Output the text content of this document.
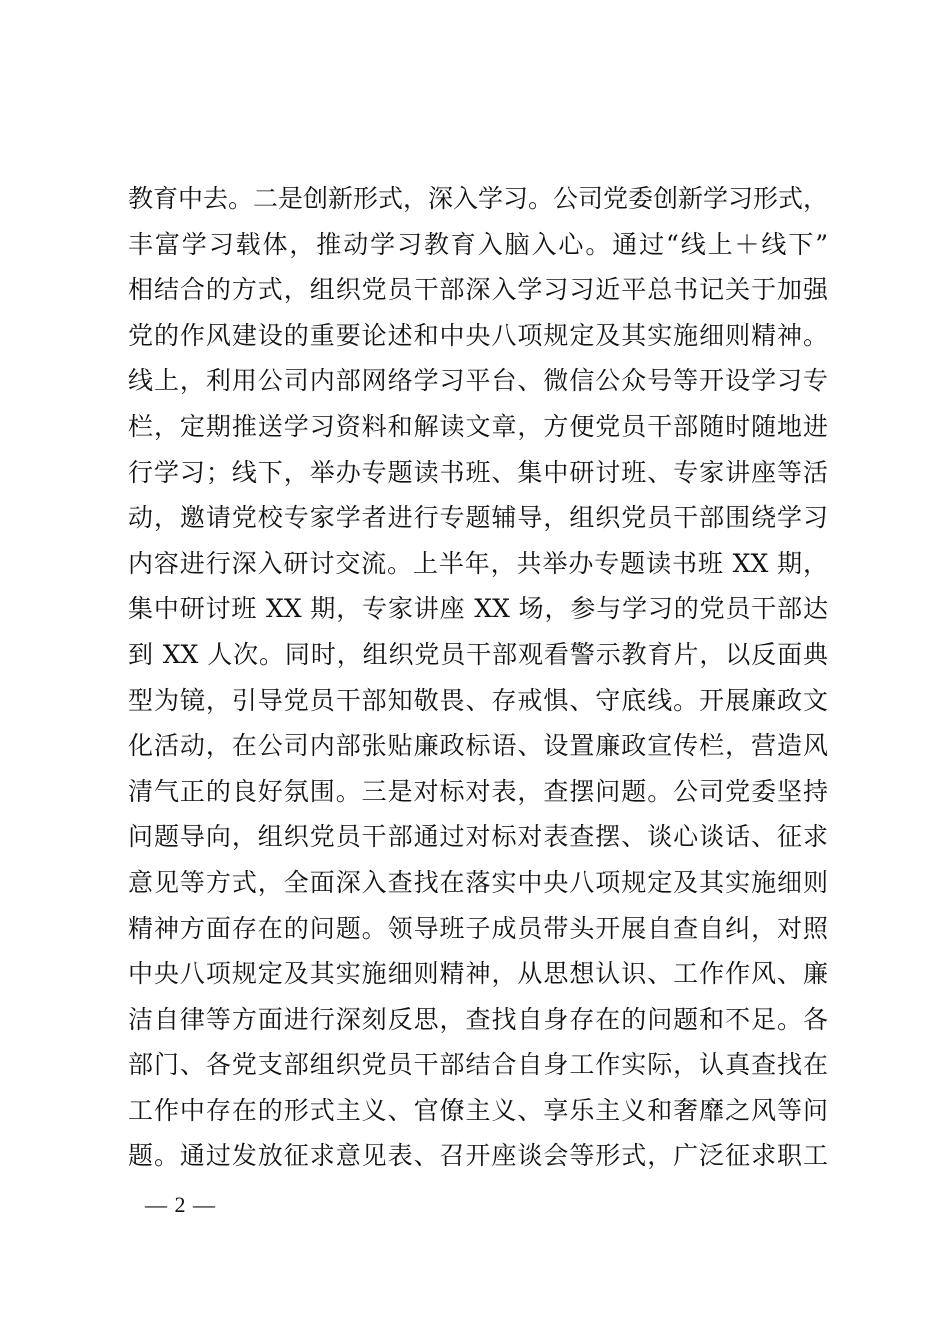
教育中去。二是创新形式，深入学习。公司党委创新学习形式，
丰富学习载体，推动学习教育入脑入心。通过“线上＋线下”
相结合的方式，组织党员干部深入学习习近平总书记关于加强
党的作风建设的重要论述和中央八项规定及其实施细则精神。
线上，利用公司内部网络学习平台、微信公众号等开设学习专
栏，定期推送学习资料和解读文章，方便党员干部随时随地进
行学习；线下，举办专题读书班、集中研讨班、专家讲座等活
动，邀请党校专家学者进行专题辅导，组织党员干部围绕学习
内容进行深入研讨交流。上半年，共举办专题读书班 XX 期，
集中研讨班 XX 期，专家讲座 XX 场，参与学习的党员干部达
到 XX 人次。同时，组织党员干部观看警示教育片，以反面典
型为镜，引导党员干部知敬畏、存戒惧、守底线。开展廉政文
化活动，在公司内部张贴廉政标语、设置廉政宣传栏，营造风
清气正的良好氛围。三是对标对表，查摆问题。公司党委坚持
问题导向，组织党员干部通过对标对表查摆、谈心谈话、征求
意见等方式，全面深入查找在落实中央八项规定及其实施细则
精神方面存在的问题。领导班子成员带头开展自查自纠，对照
中央八项规定及其实施细则精神，从思想认识、工作作风、廉
洁自律等方面进行深刻反思，查找自身存在的问题和不足。各
部门、各党支部组织党员干部结合自身工作实际，认真查找在
工作中存在的形式主义、官僚主义、享乐主义和奢靡之风等问
题。通过发放征求意见表、召开座谈会等形式，广泛征求职工
— 2 —
